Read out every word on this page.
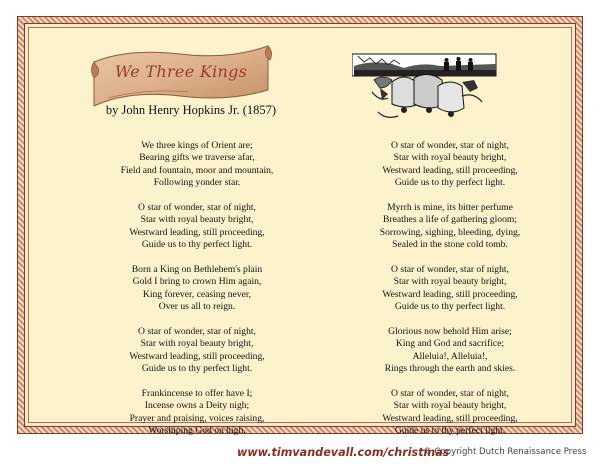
We Three Kings
by John Henry Hopkins Jr. (1857)
We three kings of Orient are;
Bearing gifts we traverse afar,
Field and fountain, moor and mountain,
Following yonder star.
O star of wonder, star of night,
Star with royal beauty bright,
Westward leading, still proceeding,
Guide us to thy perfect light.
Born a King on Bethlehem's plain
Gold I bring to crown Him again,
King forever, ceasing never,
Over us all to reign.
O star of wonder, star of night,
Star with royal beauty bright,
Westward leading, still proceeding,
Guide us to thy perfect light.
Frankincense to offer have I;
Incense owns a Deity nigh;
Prayer and praising, voices raising,
Worshiping God on high.
O star of wonder, star of night,
Star with royal beauty bright,
Westward leading, still proceeding,
Guide us to thy perfect light.
Myrrh is mine, its bitter perfume
Breathes a life of gathering gloom;
Sorrowing, sighing, bleeding, dying,
Sealed in the stone cold tomb.
O star of wonder, star of night,
Star with royal beauty bright,
Westward leading, still proceeding,
Guide us to thy perfect light.
Glorious now behold Him arise;
King and God and sacrifice;
Alleluia!, Alleluia!,
Rings through the earth and skies.
O star of wonder, star of night,
Star with royal beauty bright,
Westward leading, still proceeding,
Guide us to thy perfect light.
www.timvandevall.com/christmas
© Copyright Dutch Renaissance Press
